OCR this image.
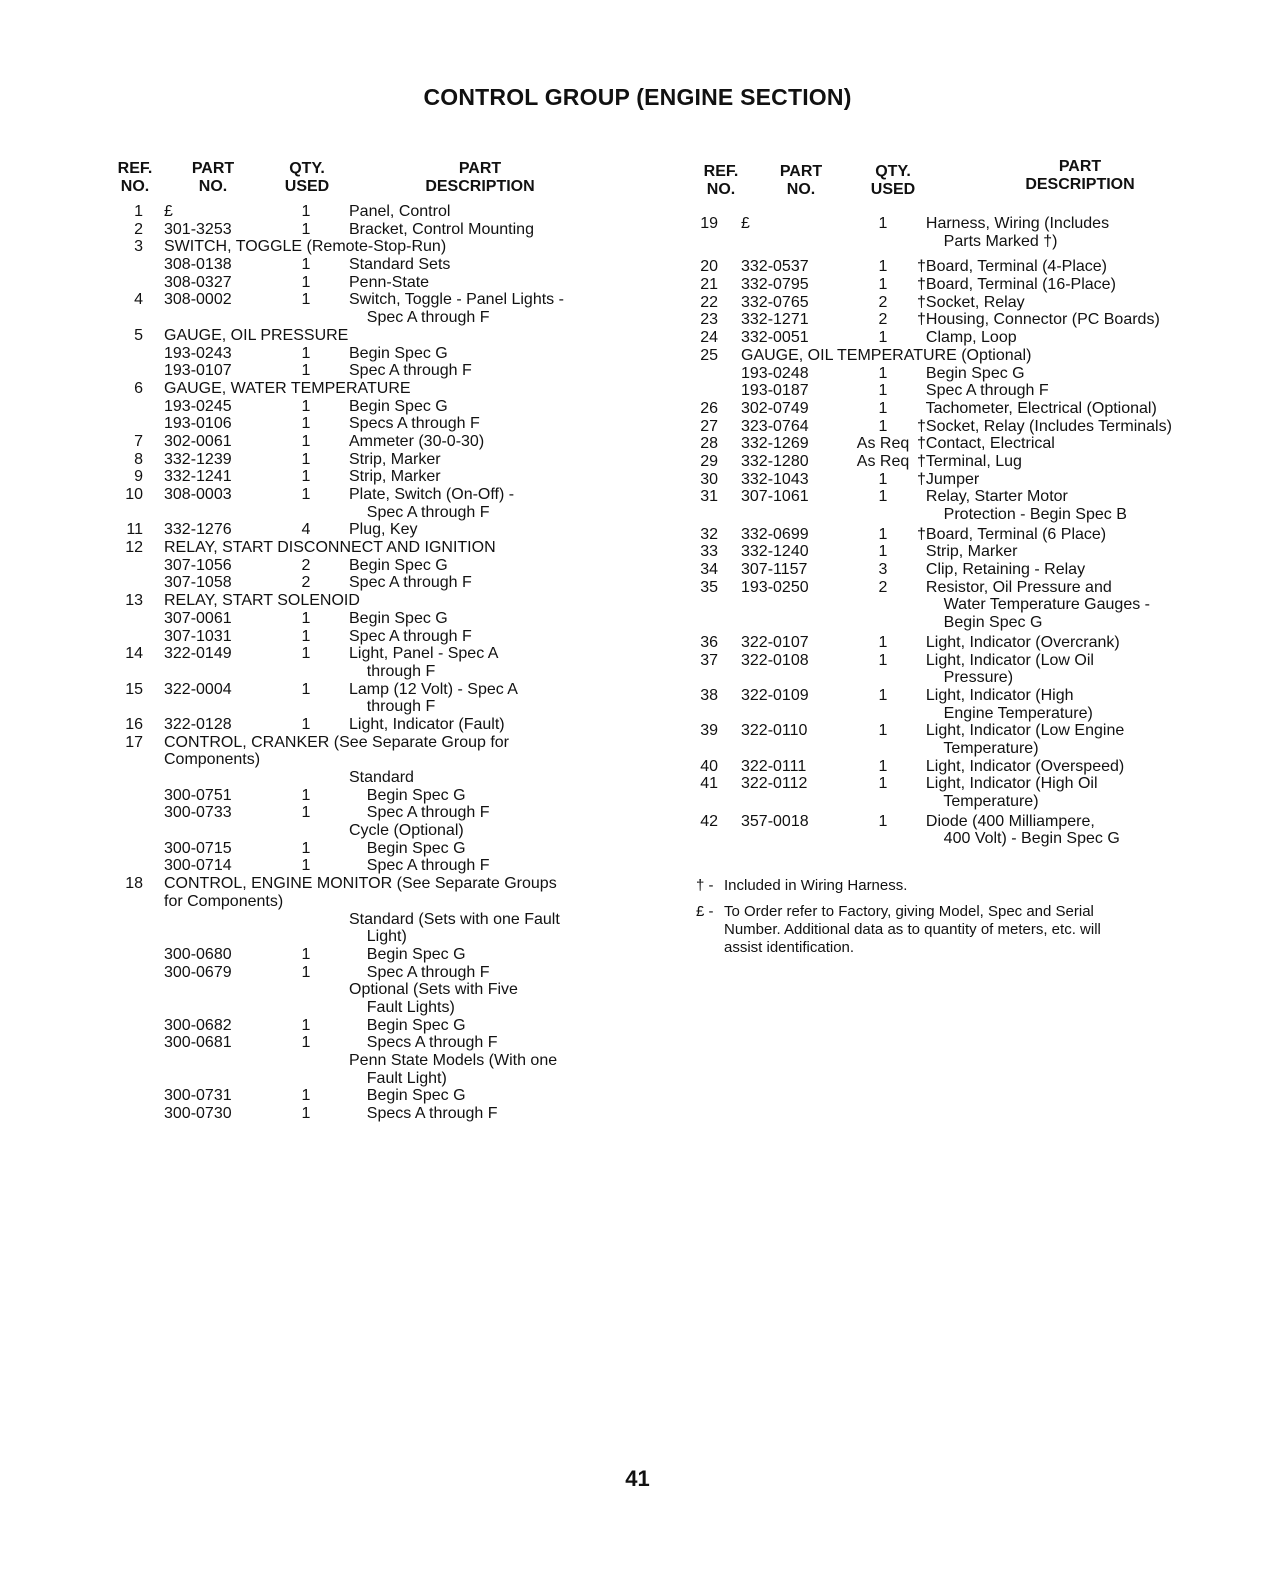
CONTROL GROUP (ENGINE SECTION)
REF.
NO.
PART
NO.
QTY.
USED
PART
DESCRIPTION
1 £	1	Panel, Control
2 301-3253	1	Bracket, Control Mounting
3 SWITCH, TOGGLE (Remote-Stop-Run)
308-0138	1	Standard Sets
308-0327	1	Penn-State
4 308-0002	1	Switch, Toggle - Panel Lights -
Spec A through F
5 GAUGE, OIL PRESSURE
193-0243	1	Begin Spec G
193-0107	1	Spec A through F
6 GAUGE, WATER TEMPERATURE
193-0245	1	Begin Spec G
193-0106	1	Specs A through F
7 302-0061	1	Ammeter (30-0-30)
8 332-1239	1	Strip, Marker
9 332-1241	1	Strip, Marker
10 308-0003	1	Plate, Switch (On-Off) -
Spec A through F
11 332-1276	4	Plug, Key
12 RELAY, START DISCONNECT AND IGNITION
307-1056	2	Begin Spec G
307-1058	2	Spec A through F
13 RELAY, START SOLENOID
307-0061	1	Begin Spec G
307-1031	1	Spec A through F
14 322-0149	1	Light, Panel - Spec A
through F
15 322-0004	1	Lamp (12 Volt) - Spec A
through F
16 322-0128	1	Light, Indicator (Fault)
17 CONTROL, CRANKER (See Separate Group for
Components)
Standard
300-0751	1	Begin Spec G
300-0733	1	Spec A through F
Cycle (Optional)
300-0715	1	Begin Spec G
300-0714	1	Spec A through F
18 CONTROL, ENGINE MONITOR (See Separate Groups
for Components)
Standard (Sets with one Fault
Light)
300-0680	1	Begin Spec G
300-0679	1	Spec A through F
Optional (Sets with Five
Fault Lights)
300-0682	1	Begin Spec G
300-0681	1	Specs A through F
Penn State Models (With one
Fault Light)
300-0731	1	Begin Spec G
300-0730	1	Specs A through F
REF.
NO.
PART
NO.
QTY.
USED
PART
DESCRIPTION
19 £	1	Harness, Wiring (Includes
Parts Marked †)
20 332-0537	1	†Board, Terminal (4-Place)
21 332-0795	1	†Board, Terminal (16-Place)
22 332-0765	2	†Socket, Relay
23 332-1271	2	†Housing, Connector (PC Boards)
24 332-0051	1	Clamp, Loop
25 GAUGE, OIL TEMPERATURE (Optional)
193-0248	1	Begin Spec G
193-0187	1	Spec A through F
26 302-0749	1	Tachometer, Electrical (Optional)
27 323-0764	1	†Socket, Relay (Includes Terminals)
28 332-1269	As Req †Contact, Electrical
29 332-1280	As Req †Terminal, Lug
30 332-1043	1	†Jumper
31 307-1061	1	Relay, Starter Motor
Protection - Begin Spec B
32 332-0699	1	†Board, Terminal (6 Place)
33 332-1240	1	Strip, Marker
34 307-1157	3	Clip, Retaining - Relay
35 193-0250	2	Resistor, Oil Pressure and
Water Temperature Gauges -
Begin Spec G
36 322-0107	1	Light, Indicator (Overcrank)
37 322-0108	1	Light, Indicator (Low Oil
Pressure)
38 322-0109	1	Light, Indicator (High
Engine Temperature)
39 322-0110	1	Light, Indicator (Low Engine
Temperature)
40 322-0111	1	Light, Indicator (Overspeed)
41 322-0112	1	Light, Indicator (High Oil
Temperature)
42 357-0018	1	Diode (400 Milliampere,
400 Volt) - Begin Spec G
† - Included in Wiring Harness.
£ - To Order refer to Factory, giving Model, Spec and Serial Number. Additional data as to quantity of meters, etc. will assist identification.
41
